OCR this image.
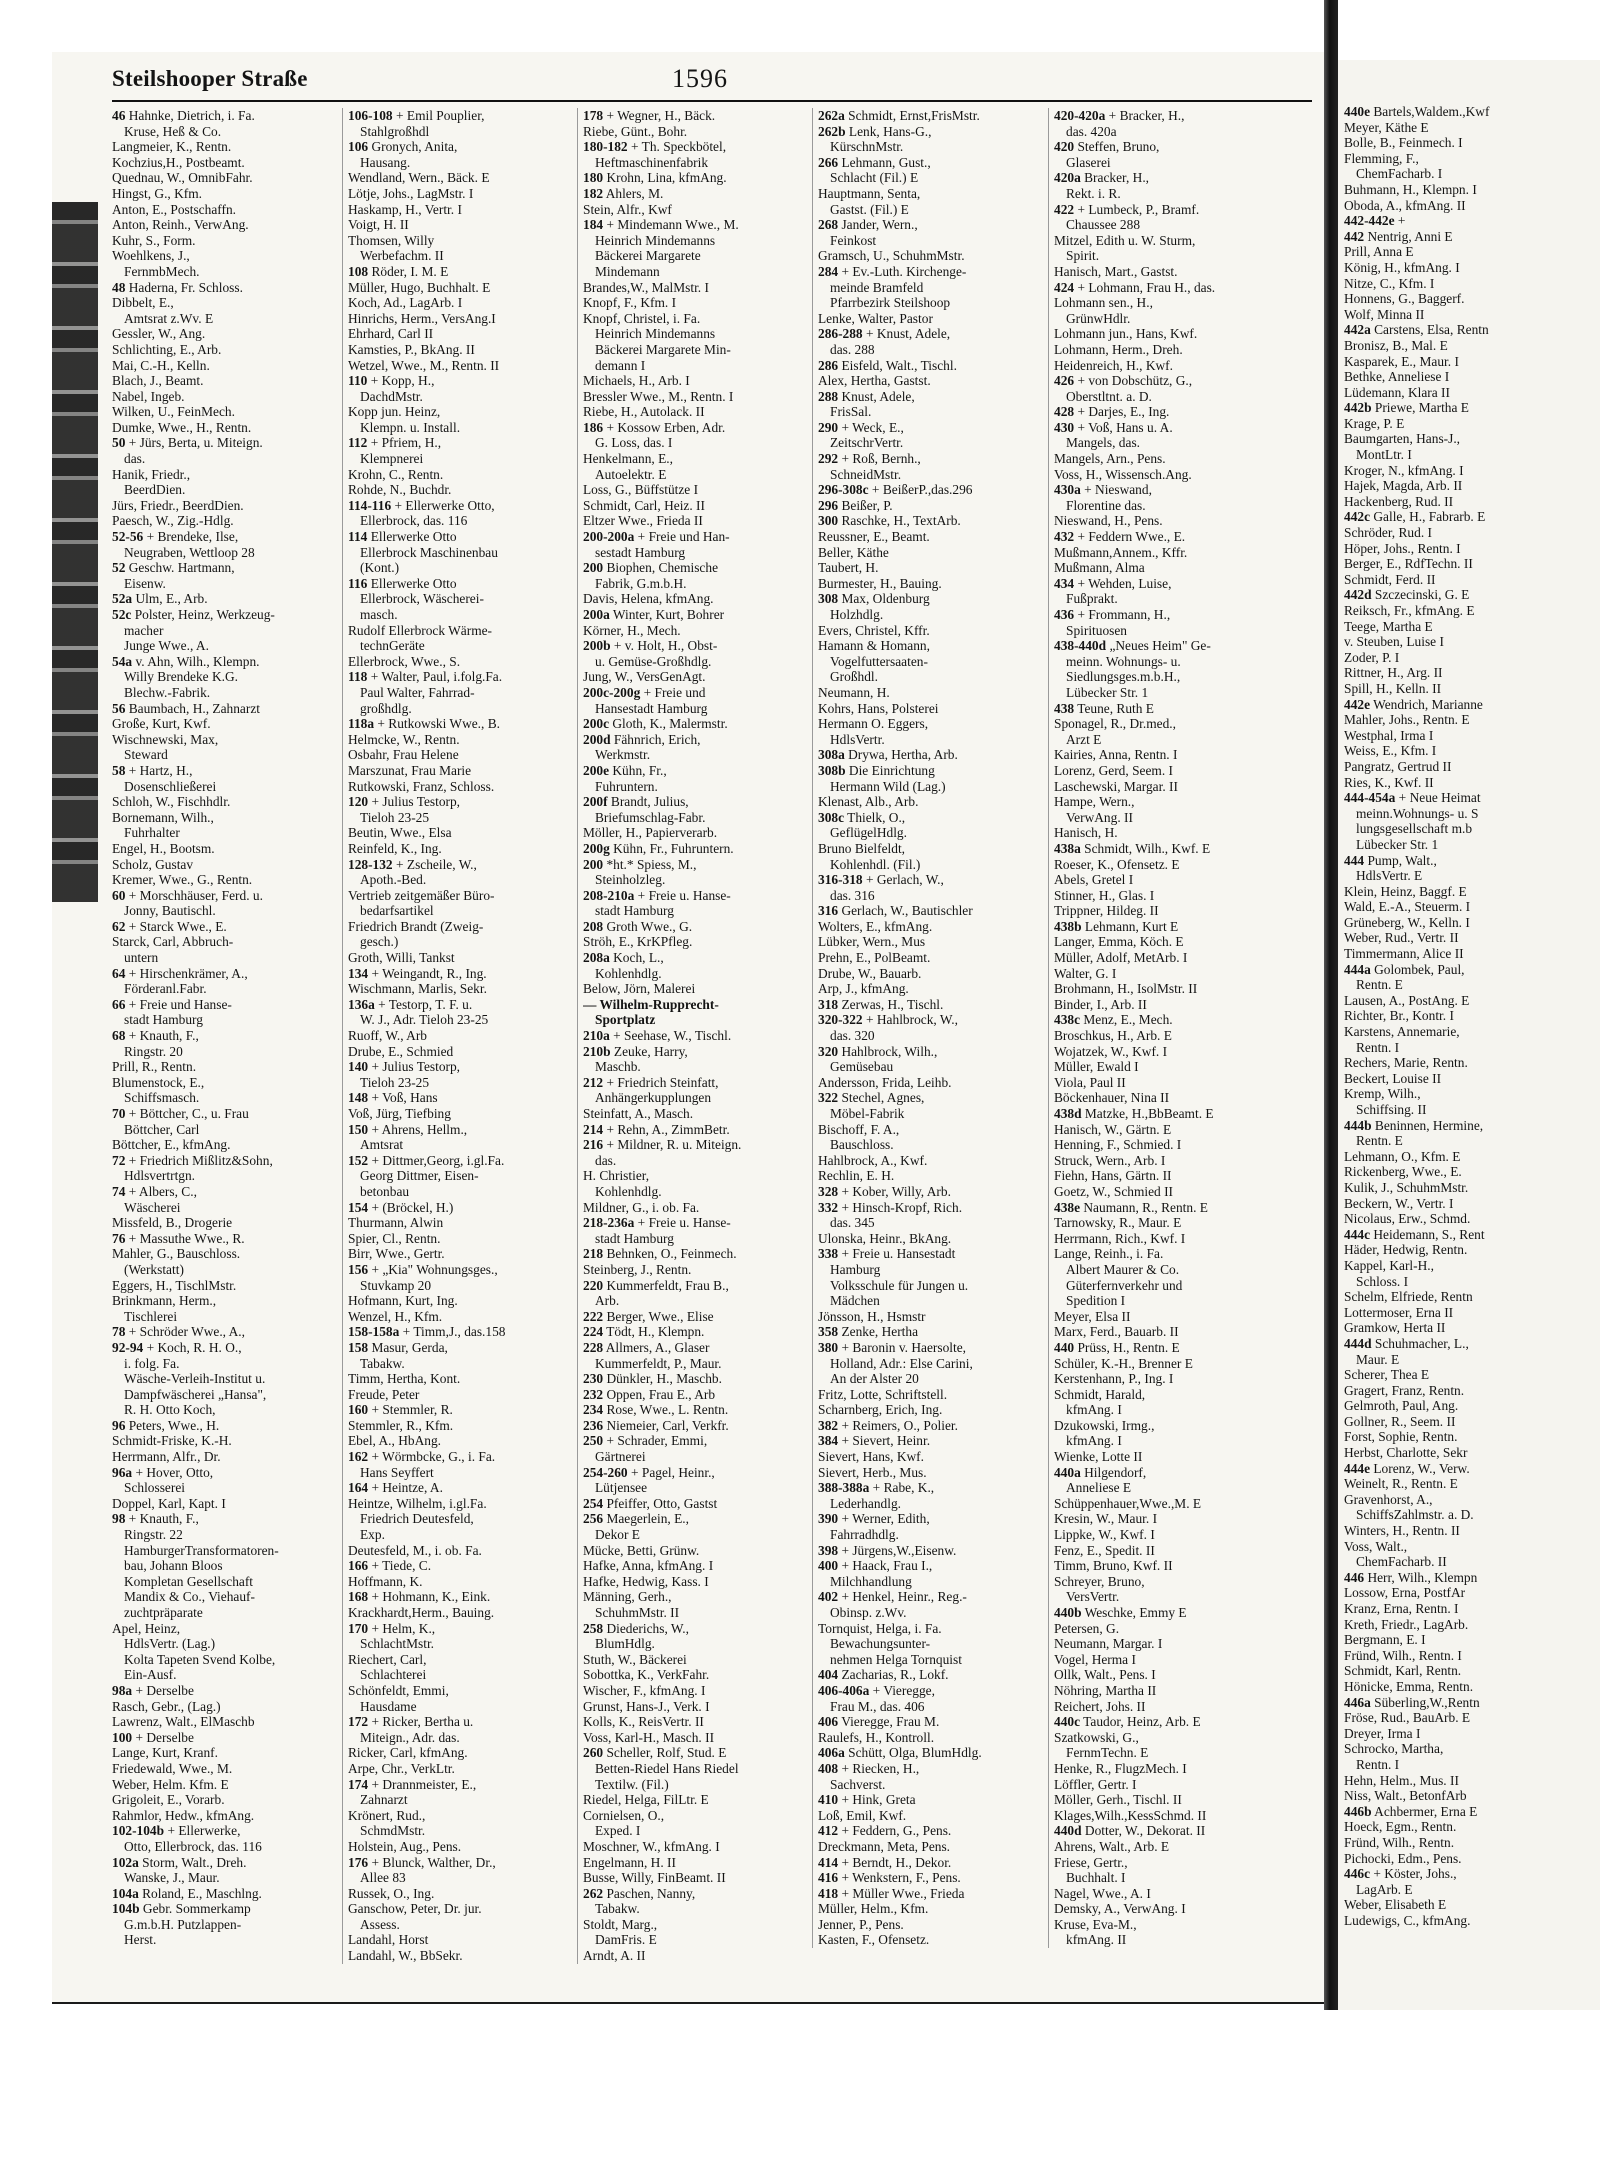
Steilshooper Straße	1596
46 Hahnke, Dietrich, i. Fa.
Kruse, Heß & Co.
Langmeier, K., Rentn.
Kochzius,H., Postbeamt.
Quednau, W., OmnibFahr.
Hingst, G., Kfm.
Anton, E., Postschaffn.
Anton, Reinh., VerwAng.
Kuhr, S., Form.
Woehlkens, J.,
FernmbMech.
48 Haderna, Fr. Schloss.
Dibbelt, E.,
Amtsrat z.Wv. E
Gessler, W., Ang.
Schlichting, E., Arb.
Mai, C.-H., Kelln.
Blach, J., Beamt.
Nabel, Ingeb.
Wilken, U., FeinMech.
Dumke, Wwe., H., Rentn.
50 + Jürs, Berta, u. Miteign.
das.
Hanik, Friedr.,
BeerdDien.
Jürs, Friedr., BeerdDien.
Paesch, W., Zig.-Hdlg.
52-56 + Brendeke, Ilse,
Neugraben, Wettloop 28
52 Geschw. Hartmann,
Eisenw.
52a Ulm, E., Arb.
52c Polster, Heinz, Werkzeug-
macher
Junge Wwe., A.
54a v. Ahn, Wilh., Klempn.
Willy Brendeke K.G.
Blechw.-Fabrik.
56 Baumbach, H., Zahnarzt
Große, Kurt, Kwf.
Wischnewski, Max,
Steward
58 + Hartz, H.,
Dosenschließerei
Schloh, W., Fischhdlr.
Bornemann, Wilh.,
Fuhrhalter
Engel, H., Bootsm.
Scholz, Gustav
Kremer, Wwe., G., Rentn.
60 + Morschhäuser, Ferd. u.
Jonny, Bautischl.
62 + Starck Wwe., E.
Starck, Carl, Abbruch-
untern
64 + Hirschenkrämer, A.,
Förderanl.Fabr.
66 + Freie und Hanse-
stadt Hamburg
68 + Knauth, F.,
Ringstr. 20
Prill, R., Rentn.
Blumenstock, E.,
Schiffsmasch.
70 + Böttcher, C., u. Frau
Böttcher, Carl
Böttcher, E., kfmAng.
72 + Friedrich Mißlitz&Sohn,
Hdlsvertrtgn.
74 + Albers, C.,
Wäscherei
Missfeld, B., Drogerie
76 + Massuthe Wwe., R.
Mahler, G., Bauschloss.
(Werkstatt)
Eggers, H., TischlMstr.
Brinkmann, Herm.,
Tischlerei
78 + Schröder Wwe., A.,
92-94 + Koch, R. H. O.,
i. folg. Fa.
Wäsche-Verleih-Institut u.
Dampfwäscherei „Hansa",
R. H. Otto Koch,
96 Peters, Wwe., H.
Schmidt-Friske, K.-H.
Herrmann, Alfr., Dr.
96a + Hover, Otto,
Schlosserei
Doppel, Karl, Kapt. I
98 + Knauth, F.,
Ringstr. 22
HamburgerTransformatoren-
bau, Johann Bloos
Kompletan Gesellschaft
Mandix & Co., Viehauf-
zuchtpräparate
Apel, Heinz,
HdlsVertr. (Lag.)
Kolta Tapeten Svend Kolbe,
Ein-Ausf.
98a + Derselbe
Rasch, Gebr., (Lag.)
Lawrenz, Walt., ElMaschb
100 + Derselbe
Lange, Kurt, Kranf.
Friedewald, Wwe., M.
Weber, Helm. Kfm. E
Grigoleit, E., Vorarb.
Rahmlor, Hedw., kfmAng.
102-104b + Ellerwerke,
Otto, Ellerbrock, das. 116
102a Storm, Walt., Dreh.
Wanske, J., Maur.
104a Roland, E., Maschlng.
104b Gebr. Sommerkamp
G.m.b.H. Putzlappen-
Herst.
106-108 + Emil Pouplier,
Stahlgroßhdl
106 Gronych, Anita,
Hausang.
Wendland, Wern., Bäck. E
Lötje, Johs., LagMstr. I
Haskamp, H., Vertr. I
Voigt, H. II
Thomsen, Willy
Werbefachm. II
108 Röder, I. M. E
Müller, Hugo, Buchhalt. E
Koch, Ad., LagArb. I
Hinrichs, Herm., VersAng.I
Ehrhard, Carl II
Kamsties, P., BkAng. II
Wetzel, Wwe., M., Rentn. II
110 + Kopp, H.,
DachdMstr.
Kopp jun. Heinz,
Klempn. u. Install.
112 + Pfriem, H.,
Klempnerei
Krohn, C., Rentn.
Rohde, N., Buchdr.
114-116 + Ellerwerke Otto,
Ellerbrock, das. 116
114 Ellerwerke Otto
Ellerbrock Maschinenbau
(Kont.)
116 Ellerwerke Otto
Ellerbrock, Wäscherei-
masch.
Rudolf Ellerbrock Wärme-
technGeräte
Ellerbrock, Wwe., S.
118 + Walter, Paul, i.folg.Fa.
Paul Walter, Fahrrad-
großhdlg.
118a + Rutkowski Wwe., B.
Helmcke, W., Rentn.
Osbahr, Frau Helene
Marszunat, Frau Marie
Rutkowski, Franz, Schloss.
120 + Julius Testorp,
Tieloh 23-25
Beutin, Wwe., Elsa
Reinfeld, K., Ing.
128-132 + Zscheile, W.,
Apoth.-Bed.
Vertrieb zeitgemäßer Büro-
bedarfsartikel
Friedrich Brandt (Zweig-
gesch.)
Groth, Willi, Tankst
134 + Weingandt, R., Ing.
Wischmann, Marlis, Sekr.
136a + Testorp, T. F. u.
W. J., Adr. Tieloh 23-25
Ruoff, W., Arb
Drube, E., Schmied
140 + Julius Testorp,
Tieloh 23-25
148 + Voß, Hans
Voß, Jürg, Tiefbing
150 + Ahrens, Hellm.,
Amtsrat
152 + Dittmer,Georg, i.gl.Fa.
Georg Dittmer, Eisen-
betonbau
154 + (Bröckel, H.)
Thurmann, Alwin
Spier, Cl., Rentn.
Birr, Wwe., Gertr.
156 + „Kia" Wohnungsges.,
Stuvkamp 20
Hofmann, Kurt, Ing.
Wenzel, H., Kfm.
158-158a + Timm,J., das.158
158 Masur, Gerda,
Tabakw.
Timm, Hertha, Kont.
Freude, Peter
160 + Stemmler, R.
Stemmler, R., Kfm.
Ebel, A., HbAng.
162 + Wörmbcke, G., i. Fa.
Hans Seyffert
164 + Heintze, A.
Heintze, Wilhelm, i.gl.Fa.
Friedrich Deutesfeld,
Exp.
Deutesfeld, M., i. ob. Fa.
166 + Tiede, C.
Hoffmann, K.
168 + Hohmann, K., Eink.
Krackhardt,Herm., Bauing.
170 + Helm, K.,
SchlachtMstr.
Riechert, Carl,
Schlachterei
Schönfeldt, Emmi,
Hausdame
172 + Ricker, Bertha u.
Miteign., Adr. das.
Ricker, Carl, kfmAng.
Arpe, Chr., VerkLtr.
174 + Drannmeister, E.,
Zahnarzt
Krönert, Rud.,
SchmdMstr.
Holstein, Aug., Pens.
176 + Blunck, Walther, Dr.,
Allee 83
Russek, O., Ing.
Ganschow, Peter, Dr. jur.
Assess.
Landahl, Horst
Landahl, W., BbSekr.
178 + Wegner, H., Bäck.
Riebe, Günt., Bohr.
180-182 + Th. Speckbötel,
Heftmaschinenfabrik
180 Krohn, Lina, kfmAng.
182 Ahlers, M.
Stein, Alfr., Kwf
184 + Mindemann Wwe., M.
Heinrich Mindemanns
Bäckerei Margarete
Mindemann
Brandes,W., MalMstr. I
Knopf, F., Kfm. I
Knopf, Christel, i. Fa.
Heinrich Mindemanns
Bäckerei Margarete Min-
demann I
Michaels, H., Arb. I
Bressler Wwe., M., Rentn. I
Riebe, H., Autolack. II
186 + Kossow Erben, Adr.
G. Loss, das. I
Henkelmann, E.,
Autoelektr. E
Loss, G., Büffstütze I
Schmidt, Carl, Heiz. II
Eltzer Wwe., Frieda II
200-200a + Freie und Han-
sestadt Hamburg
200 Biophen, Chemische
Fabrik, G.m.b.H.
Davis, Helena, kfmAng.
200a Winter, Kurt, Bohrer
Körner, H., Mech.
200b + v. Holt, H., Obst-
u. Gemüse-Großhdlg.
Jung, W., VersGenAgt.
200c-200g + Freie und
Hansestadt Hamburg
200c Gloth, K., Malermstr.
200d Fähnrich, Erich,
Werkmstr.
200e Kühn, Fr.,
Fuhruntern.
200f Brandt, Julius,
Briefumschlag-Fabr.
Möller, H., Papierverarb.
200g Kühn, Fr., Fuhruntern.
200 *ht.* Spiess, M.,
Steinholzleg.
208-210a + Freie u. Hanse-
stadt Hamburg
208 Groth Wwe., G.
Ströh, E., KrKPfleg.
208a Koch, L.,
Kohlenhdlg.
Below, Jörn, Malerei
— Wilhelm-Rupprecht-
Sportplatz
210a + Seehase, W., Tischl.
210b Zeuke, Harry,
Maschb.
212 + Friedrich Steinfatt,
Anhängerkupplungen
Steinfatt, A., Masch.
214 + Rehn, A., ZimmBetr.
216 + Mildner, R. u. Miteign.
das.
H. Christier,
Kohlenhdlg.
Mildner, G., i. ob. Fa.
218-236a + Freie u. Hanse-
stadt Hamburg
218 Behnken, O., Feinmech.
Steinberg, J., Rentn.
220 Kummerfeldt, Frau B.,
Arb.
222 Berger, Wwe., Elise
224 Tödt, H., Klempn.
228 Allmers, A., Glaser
Kummerfeldt, P., Maur.
230 Dünkler, H., Maschb.
232 Oppen, Frau E., Arb
234 Rose, Wwe., L. Rentn.
236 Niemeier, Carl, Verkfr.
250 + Schrader, Emmi,
Gärtnerei
254-260 + Pagel, Heinr.,
Lütjensee
254 Pfeiffer, Otto, Gastst
256 Maegerlein, E.,
Dekor E
Mücke, Betti, Grünw.
Hafke, Anna, kfmAng. I
Hafke, Hedwig, Kass. I
Männing, Gerh.,
SchuhmMstr. II
258 Diederichs, W.,
BlumHdlg.
Stuth, W., Bäckerei
Sobottka, K., VerkFahr.
Wischer, F., kfmAng. I
Grunst, Hans-J., Verk. I
Kolls, K., ReisVertr. II
Voss, Karl-H., Masch. II
260 Scheller, Rolf, Stud. E
Betten-Riedel Hans Riedel
Textilw. (Fil.)
Riedel, Helga, FilLtr. E
Cornielsen, O.,
Exped. I
Moschner, W., kfmAng. I
Engelmann, H. II
Busse, Willy, FinBeamt. II
262 Paschen, Nanny,
Tabakw.
Stoldt, Marg.,
DamFris. E
Arndt, A. II
262a Schmidt, Ernst,FrisMstr.
262b Lenk, Hans-G.,
KürschnMstr.
266 Lehmann, Gust.,
Schlacht (Fil.) E
Hauptmann, Senta,
Gastst. (Fil.) E
268 Jander, Wern.,
Feinkost
Gramsch, U., SchuhmMstr.
284 + Ev.-Luth. Kirchenge-
meinde Bramfeld
Pfarrbezirk Steilshoop
Lenke, Walter, Pastor
286-288 + Knust, Adele,
das. 288
286 Eisfeld, Walt., Tischl.
Alex, Hertha, Gastst.
288 Knust, Adele,
FrisSal.
290 + Weck, E.,
ZeitschrVertr.
292 + Roß, Bernh.,
SchneidMstr.
296-308c + BeißerP.,das.296
296 Beißer, P.
300 Raschke, H., TextArb.
Reussner, E., Beamt.
Beller, Käthe
Taubert, H.
Burmester, H., Bauing.
308 Max, Oldenburg
Holzhdlg.
Evers, Christel, Kffr.
Hamann & Homann,
Vogelfuttersaaten-
Großhdl.
Neumann, H.
Kohrs, Hans, Polsterei
Hermann O. Eggers,
HdlsVertr.
308a Drywa, Hertha, Arb.
308b Die Einrichtung
Hermann Wild (Lag.)
Klenast, Alb., Arb.
308c Thielk, O.,
GeflügelHdlg.
Bruno Bielfeldt,
Kohlenhdl. (Fil.)
316-318 + Gerlach, W.,
das. 316
316 Gerlach, W., Bautischler
Wolters, E., kfmAng.
Lübker, Wern., Mus
Prehn, E., PolBeamt.
Drube, W., Bauarb.
Arp, J., kfmAng.
318 Zerwas, H., Tischl.
320-322 + Hahlbrock, W.,
das. 320
320 Hahlbrock, Wilh.,
Gemüsebau
Andersson, Frida, Leihb.
322 Stechel, Agnes,
Möbel-Fabrik
Bischoff, F. A.,
Bauschloss.
Hahlbrock, A., Kwf.
Rechlin, E. H.
328 + Kober, Willy, Arb.
332 + Hinsch-Kropf, Rich.
das. 345
Ulonska, Heinr., BkAng.
338 + Freie u. Hansestadt
Hamburg
Volksschule für Jungen u.
Mädchen
Jönsson, H., Hsmstr
358 Zenke, Hertha
380 + Baronin v. Haersolte,
Holland, Adr.: Else Carini,
An der Alster 20
Fritz, Lotte, Schriftstell.
Scharnberg, Erich, Ing.
382 + Reimers, O., Polier.
384 + Sievert, Heinr.
Sievert, Hans, Kwf.
Sievert, Herb., Mus.
388-388a + Rabe, K.,
Lederhandlg.
390 + Werner, Edith,
Fahrradhdlg.
398 + Jürgens,W.,Eisenw.
400 + Haack, Frau I.,
Milchhandlung
402 + Henkel, Heinr., Reg.-
Obinsp. z.Wv.
Tornquist, Helga, i. Fa.
Bewachungsunter-
nehmen Helga Tornquist
404 Zacharias, R., Lokf.
406-406a + Vieregge,
Frau M., das. 406
406 Vieregge, Frau M.
Raulefs, H., Kontroll.
406a Schütt, Olga, BlumHdlg.
408 + Riecken, H.,
Sachverst.
410 + Hink, Greta
Loß, Emil, Kwf.
412 + Feddern, G., Pens.
Dreckmann, Meta, Pens.
414 + Berndt, H., Dekor.
416 + Wenkstern, F., Pens.
418 + Müller Wwe., Frieda
Müller, Helm., Kfm.
Jenner, P., Pens.
Kasten, F., Ofensetz.
420-420a + Bracker, H.,
das. 420a
420 Steffen, Bruno,
Glaserei
420a Bracker, H.,
Rekt. i. R.
422 + Lumbeck, P., Bramf.
Chaussee 288
Mitzel, Edith u. W. Sturm,
Spirit.
Hanisch, Mart., Gastst.
424 + Lohmann, Frau H., das.
Lohmann sen., H.,
GrünwHdlr.
Lohmann jun., Hans, Kwf.
Lohmann, Herm., Dreh.
Heidenreich, H., Kwf.
426 + von Dobschütz, G.,
Oberstltnt. a. D.
428 + Darjes, E., Ing.
430 + Voß, Hans u. A.
Mangels, das.
Mangels, Arn., Pens.
Voss, H., Wissensch.Ang.
430a + Nieswand,
Florentine das.
Nieswand, H., Pens.
432 + Feddern Wwe., E.
Mußmann,Annem., Kffr.
Mußmann, Alma
434 + Wehden, Luise,
Fußprakt.
436 + Frommann, H.,
Spirituosen
438-440d „Neues Heim" Ge-
meinn. Wohnungs- u.
Siedlungsges.m.b.H.,
Lübecker Str. 1
438 Teune, Ruth E
Sponagel, R., Dr.med.,
Arzt E
Kairies, Anna, Rentn. I
Lorenz, Gerd, Seem. I
Laschewski, Margar. II
Hampe, Wern.,
VerwAng. II
Hanisch, H.
438a Schmidt, Wilh., Kwf. E
Roeser, K., Ofensetz. E
Abels, Gretel I
Stinner, H., Glas. I
Trippner, Hildeg. II
438b Lehmann, Kurt E
Langer, Emma, Köch. E
Müller, Adolf, MetArb. I
Walter, G. I
Brohmann, H., IsolMstr. II
Binder, I., Arb. II
438c Menz, E., Mech.
Broschkus, H., Arb. E
Wojatzek, W., Kwf. I
Müller, Ewald I
Viola, Paul II
Böckenhauer, Nina II
438d Matzke, H.,BbBeamt. E
Hanisch, W., Gärtn. E
Henning, F., Schmied. I
Struck, Wern., Arb. I
Fiehn, Hans, Gärtn. II
Goetz, W., Schmied II
438e Naumann, R., Rentn. E
Tarnowsky, R., Maur. E
Herrmann, Rich., Kwf. I
Lange, Reinh., i. Fa.
Albert Maurer & Co.
Güterfernverkehr und
Spedition I
Meyer, Elsa II
Marx, Ferd., Bauarb. II
440 Prüss, H., Rentn. E
Schüler, K.-H., Brenner E
Kerstenhann, P., Ing. I
Schmidt, Harald,
kfmAng. I
Dzukowski, Irmg.,
kfmAng. I
Wienke, Lotte II
440a Hilgendorf,
Anneliese E
Schüppenhauer,Wwe.,M. E
Kresin, W., Maur. I
Lippke, W., Kwf. I
Fenz, E., Spedit. II
Timm, Bruno, Kwf. II
Schreyer, Bruno,
VersVertr.
440b Weschke, Emmy E
Petersen, G.
Neumann, Margar. I
Vogel, Herma I
Ollk, Walt., Pens. I
Nöhring, Martha II
Reichert, Johs. II
440c Taudor, Heinz, Arb. E
Szatkowski, G.,
FernmTechn. E
Henke, R., FlugzMech. I
Löffler, Gertr. I
Möller, Gerh., Tischl. II
Klages,Wilh.,KessSchmd. II
440d Dotter, W., Dekorat. II
Ahrens, Walt., Arb. E
Friese, Gertr.,
Buchhalt. I
Nagel, Wwe., A. I
Demsky, A., VerwAng. I
Kruse, Eva-M.,
kfmAng. II
440e Bartels,Waldem.,Kwf
Meyer, Käthe E
Bolle, B., Feinmech. I
Flemming, F.,
ChemFacharb. I
Buhmann, H., Klempn. I
Oboda, A., kfmAng. II
442-442e +
442 Nentrig, Anni E
Prill, Anna E
König, H., kfmAng. I
Nitze, C., Kfm. I
Honnens, G., Baggerf.
Wolf, Minna II
442a Carstens, Elsa, Rentn
Bronisz, B., Mal. E
Kasparek, E., Maur. I
Bethke, Anneliese I
Lüdemann, Klara II
442b Priewe, Martha E
Krage, P. E
Baumgarten, Hans-J.,
MontLtr. I
Kroger, N., kfmAng. I
Hajek, Magda, Arb. II
Hackenberg, Rud. II
442c Galle, H., Fabrarb. E
Schröder, Rud. I
Höper, Johs., Rentn. I
Berger, E., RdfTechn. II
Schmidt, Ferd. II
442d Szczecinski, G. E
Reiksch, Fr., kfmAng. E
Teege, Martha E
v. Steuben, Luise I
Zoder, P. I
Rittner, H., Arg. II
Spill, H., Kelln. II
442e Wendrich, Marianne
Mahler, Johs., Rentn. E
Westphal, Irma I
Weiss, E., Kfm. I
Pangratz, Gertrud II
Ries, K., Kwf. II
444-454a + Neue Heimat
meinn.Wohnungs- u. S
lungsgesellschaft m.b
Lübecker Str. 1
444 Pump, Walt.,
HdlsVertr. E
Klein, Heinz, Baggf. E
Wald, E.-A., Steuerm. I
Grüneberg, W., Kelln. I
Weber, Rud., Vertr. II
Timmermann, Alice II
444a Golombek, Paul,
Rentn. E
Lausen, A., PostAng. E
Richter, Br., Kontr. I
Karstens, Annemarie,
Rentn. I
Rechers, Marie, Rentn.
Beckert, Louise II
Kremp, Wilh.,
Schiffsing. II
444b Beninnen, Hermine,
Rentn. E
Lehmann, O., Kfm. E
Rickenberg, Wwe., E.
Kulik, J., SchuhmMstr.
Beckern, W., Vertr. I
Nicolaus, Erw., Schmd.
444c Heidemann, S., Rent
Häder, Hedwig, Rentn.
Kappel, Karl-H.,
Schloss. I
Schelm, Elfriede, Rentn
Lottermoser, Erna II
Gramkow, Herta II
444d Schuhmacher, L.,
Maur. E
Scherer, Thea E
Gragert, Franz, Rentn.
Gelmroth, Paul, Ang.
Gollner, R., Seem. II
Forst, Sophie, Rentn.
Herbst, Charlotte, Sekr
444e Lorenz, W., Verw.
Weinelt, R., Rentn. E
Gravenhorst, A.,
SchiffsZahlmstr. a. D.
Winters, H., Rentn. II
Voss, Walt.,
ChemFacharb. II
446 Herr, Wilh., Klempn
Lossow, Erna, PostfAr
Kranz, Erna, Rentn. I
Kreth, Friedr., LagArb.
Bergmann, E. I
Fründ, Wilh., Rentn. I
Schmidt, Karl, Rentn.
Hönicke, Emma, Rentn.
446a Süberling,W.,Rentn
Fröse, Rud., BauArb. E
Dreyer, Irma I
Schrocko, Martha,
Rentn. I
Hehn, Helm., Mus. II
Niss, Walt., BetonfArb
446b Achbermer, Erna E
Hoeck, Egm., Rentn.
Fründ, Wilh., Rentn.
Pichocki, Edm., Pens.
446c + Köster, Johs.,
LagArb. E
Weber, Elisabeth E
Ludewigs, C., kfmAng.
